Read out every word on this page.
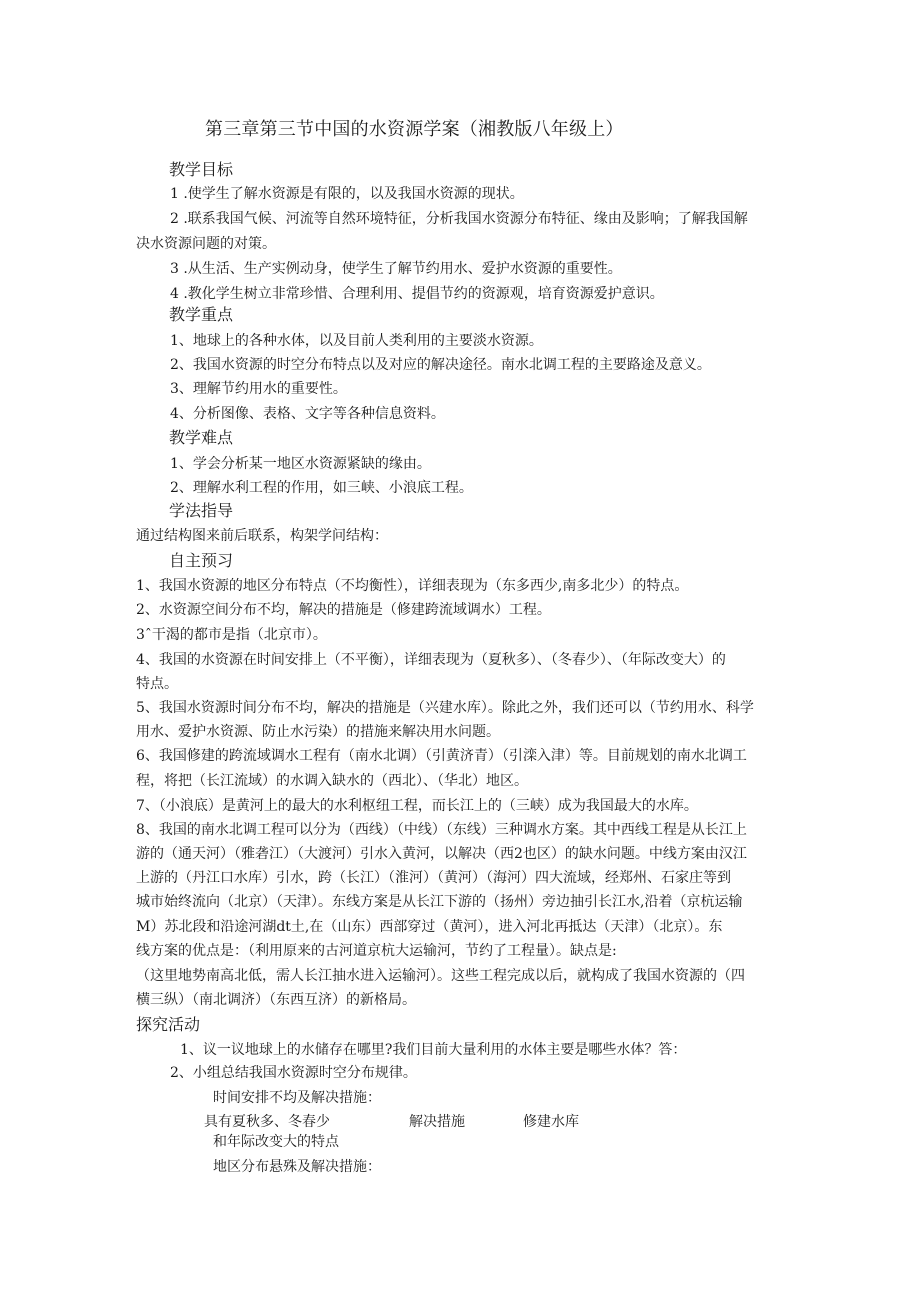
第三章第三节中国的水资源学案（湘教版八年级上）
教学目标
1 .使学生了解水资源是有限的，以及我国水资源的现状。
2 .联系我国气候、河流等自然环境特征，分析我国水资源分布特征、缘由及影响；了解我国解
决水资源问题的对策。
3 .从生活、生产实例动身，使学生了解节约用水、爱护水资源的重要性。
4 .教化学生树立非常珍惜、合理利用、提倡节约的资源观，培育资源爱护意识。
教学重点
1、地球上的各种水体，以及目前人类利用的主要淡水资源。
2、我国水资源的时空分布特点以及对应的解决途径。南水北调工程的主要路途及意义。
3、理解节约用水的重要性。
4、分析图像、表格、文字等各种信息资料。
教学难点
1、学会分析某一地区水资源紧缺的缘由。
2、理解水利工程的作用，如三峡、小浪底工程。
学法指导
通过结构图来前后联系，构架学问结构：
自主预习
1、我国水资源的地区分布特点（不均衡性），详细表现为（东多西少,南多北少）的特点。
2、水资源空间分布不均，解决的措施是（修建跨流域调水）工程。
3ˆ干渴的都市是指（北京市）。
4、我国的水资源在时间安排上（不平衡），详细表现为（夏秋多）、（冬春少）、（年际改变大）的
特点。
5、我国水资源时间分布不均，解决的措施是（兴建水库）。除此之外，我们还可以（节约用水、科学
用水、爱护水资源、防止水污染）的措施来解决用水问题。
6、我国修建的跨流域调水工程有（南水北调）（引黄济青）（引滦入津）等。目前规划的南水北调工
程，将把（长江流域）的水调入缺水的（西北）、（华北）地区。
7、（小浪底）是黄河上的最大的水利枢纽工程，而长江上的（三峡）成为我国最大的水库。
8、我国的南水北调工程可以分为（西线）（中线）（东线）三种调水方案。其中西线工程是从长江上
游的（通天河）（雅砻江）（大渡河）引水入黄河，以解决（西2也区）的缺水问题。中线方案由汉江
上游的（丹江口水库）引水，跨（长江）（淮河）（黄河）（海河）四大流域，经郑州、石家庄等到
城市始终流向（北京）（天津）。东线方案是从长江下游的（扬州）旁边抽引长江水,沿着（京杭运输
M）苏北段和沿途河湖dt土,在（山东）西部穿过（黄河），进入河北再抵达（天津）（北京）。东
线方案的优点是：（利用原来的古河道京杭大运输河，节约了工程量）。缺点是:
（这里地势南高北低，需人长江抽水进入运输河）。这些工程完成以后，就构成了我国水资源的（四
横三纵）（南北调济）（东西互济）的新格局。
探究活动
1、议一议地球上的水储存在哪里?我们目前大量利用的水体主要是哪些水体？答：
2、小组总结我国水资源时空分布规律。
时间安排不均及解决措施：
具有夏秋多、冬春少	解决措施	修建水库
和年际改变大的特点
地区分布悬殊及解决措施：
